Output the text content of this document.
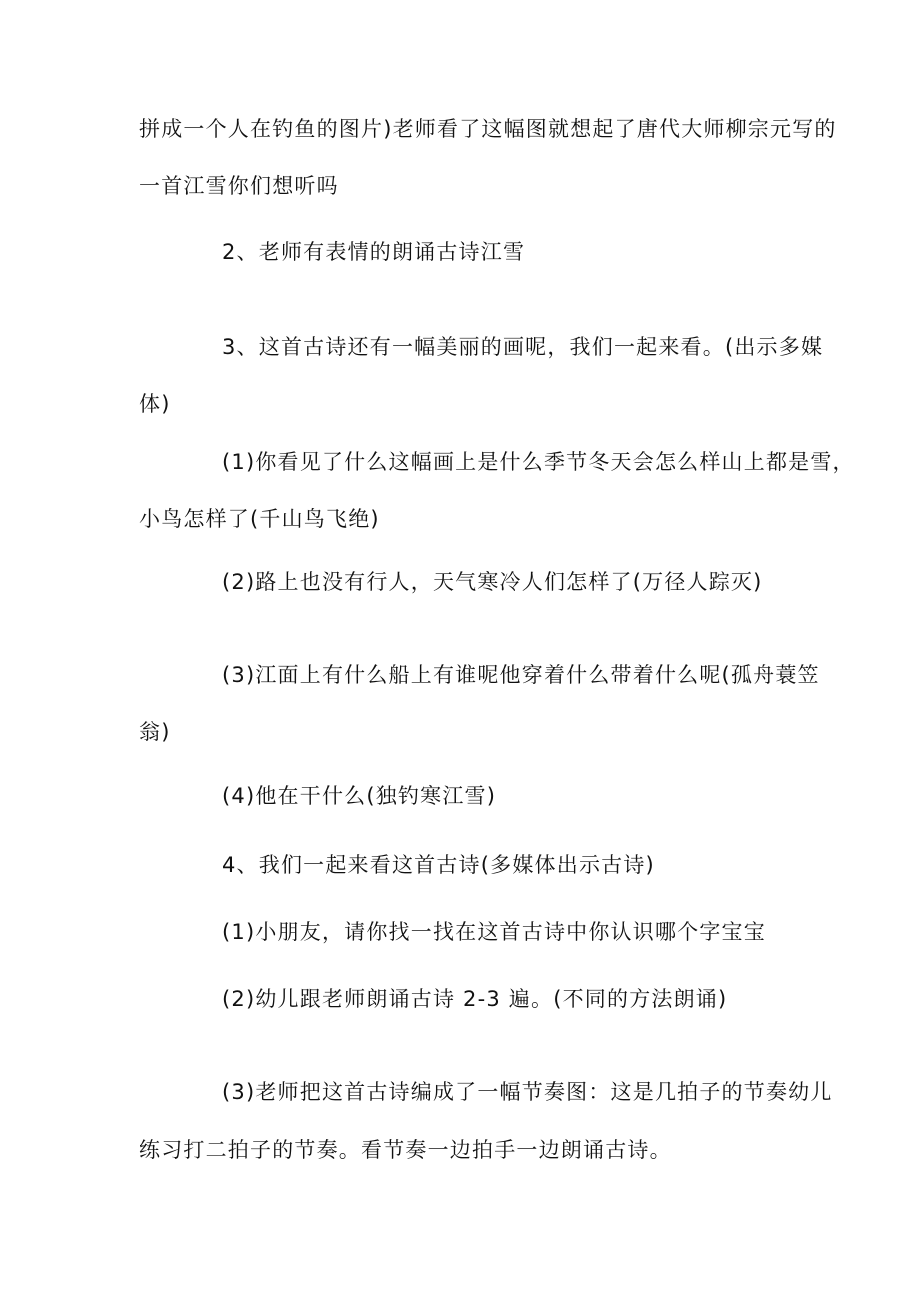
拼成一个人在钓鱼的图片)老师看了这幅图就想起了唐代大师柳宗元写的
一首江雪你们想听吗
2、老师有表情的朗诵古诗江雪
3、这首古诗还有一幅美丽的画呢，我们一起来看。(出示多媒
体)
(1)你看见了什么这幅画上是什么季节冬天会怎么样山上都是雪，
小鸟怎样了(千山鸟飞绝)
(2)路上也没有行人，天气寒冷人们怎样了(万径人踪灭)
(3)江面上有什么船上有谁呢他穿着什么带着什么呢(孤舟蓑笠
翁)
(4)他在干什么(独钓寒江雪)
4、我们一起来看这首古诗(多媒体出示古诗)
(1)小朋友，请你找一找在这首古诗中你认识哪个字宝宝
(2)幼儿跟老师朗诵古诗 2-3 遍。(不同的方法朗诵)
(3)老师把这首古诗编成了一幅节奏图：这是几拍子的节奏幼儿
练习打二拍子的节奏。看节奏一边拍手一边朗诵古诗。
